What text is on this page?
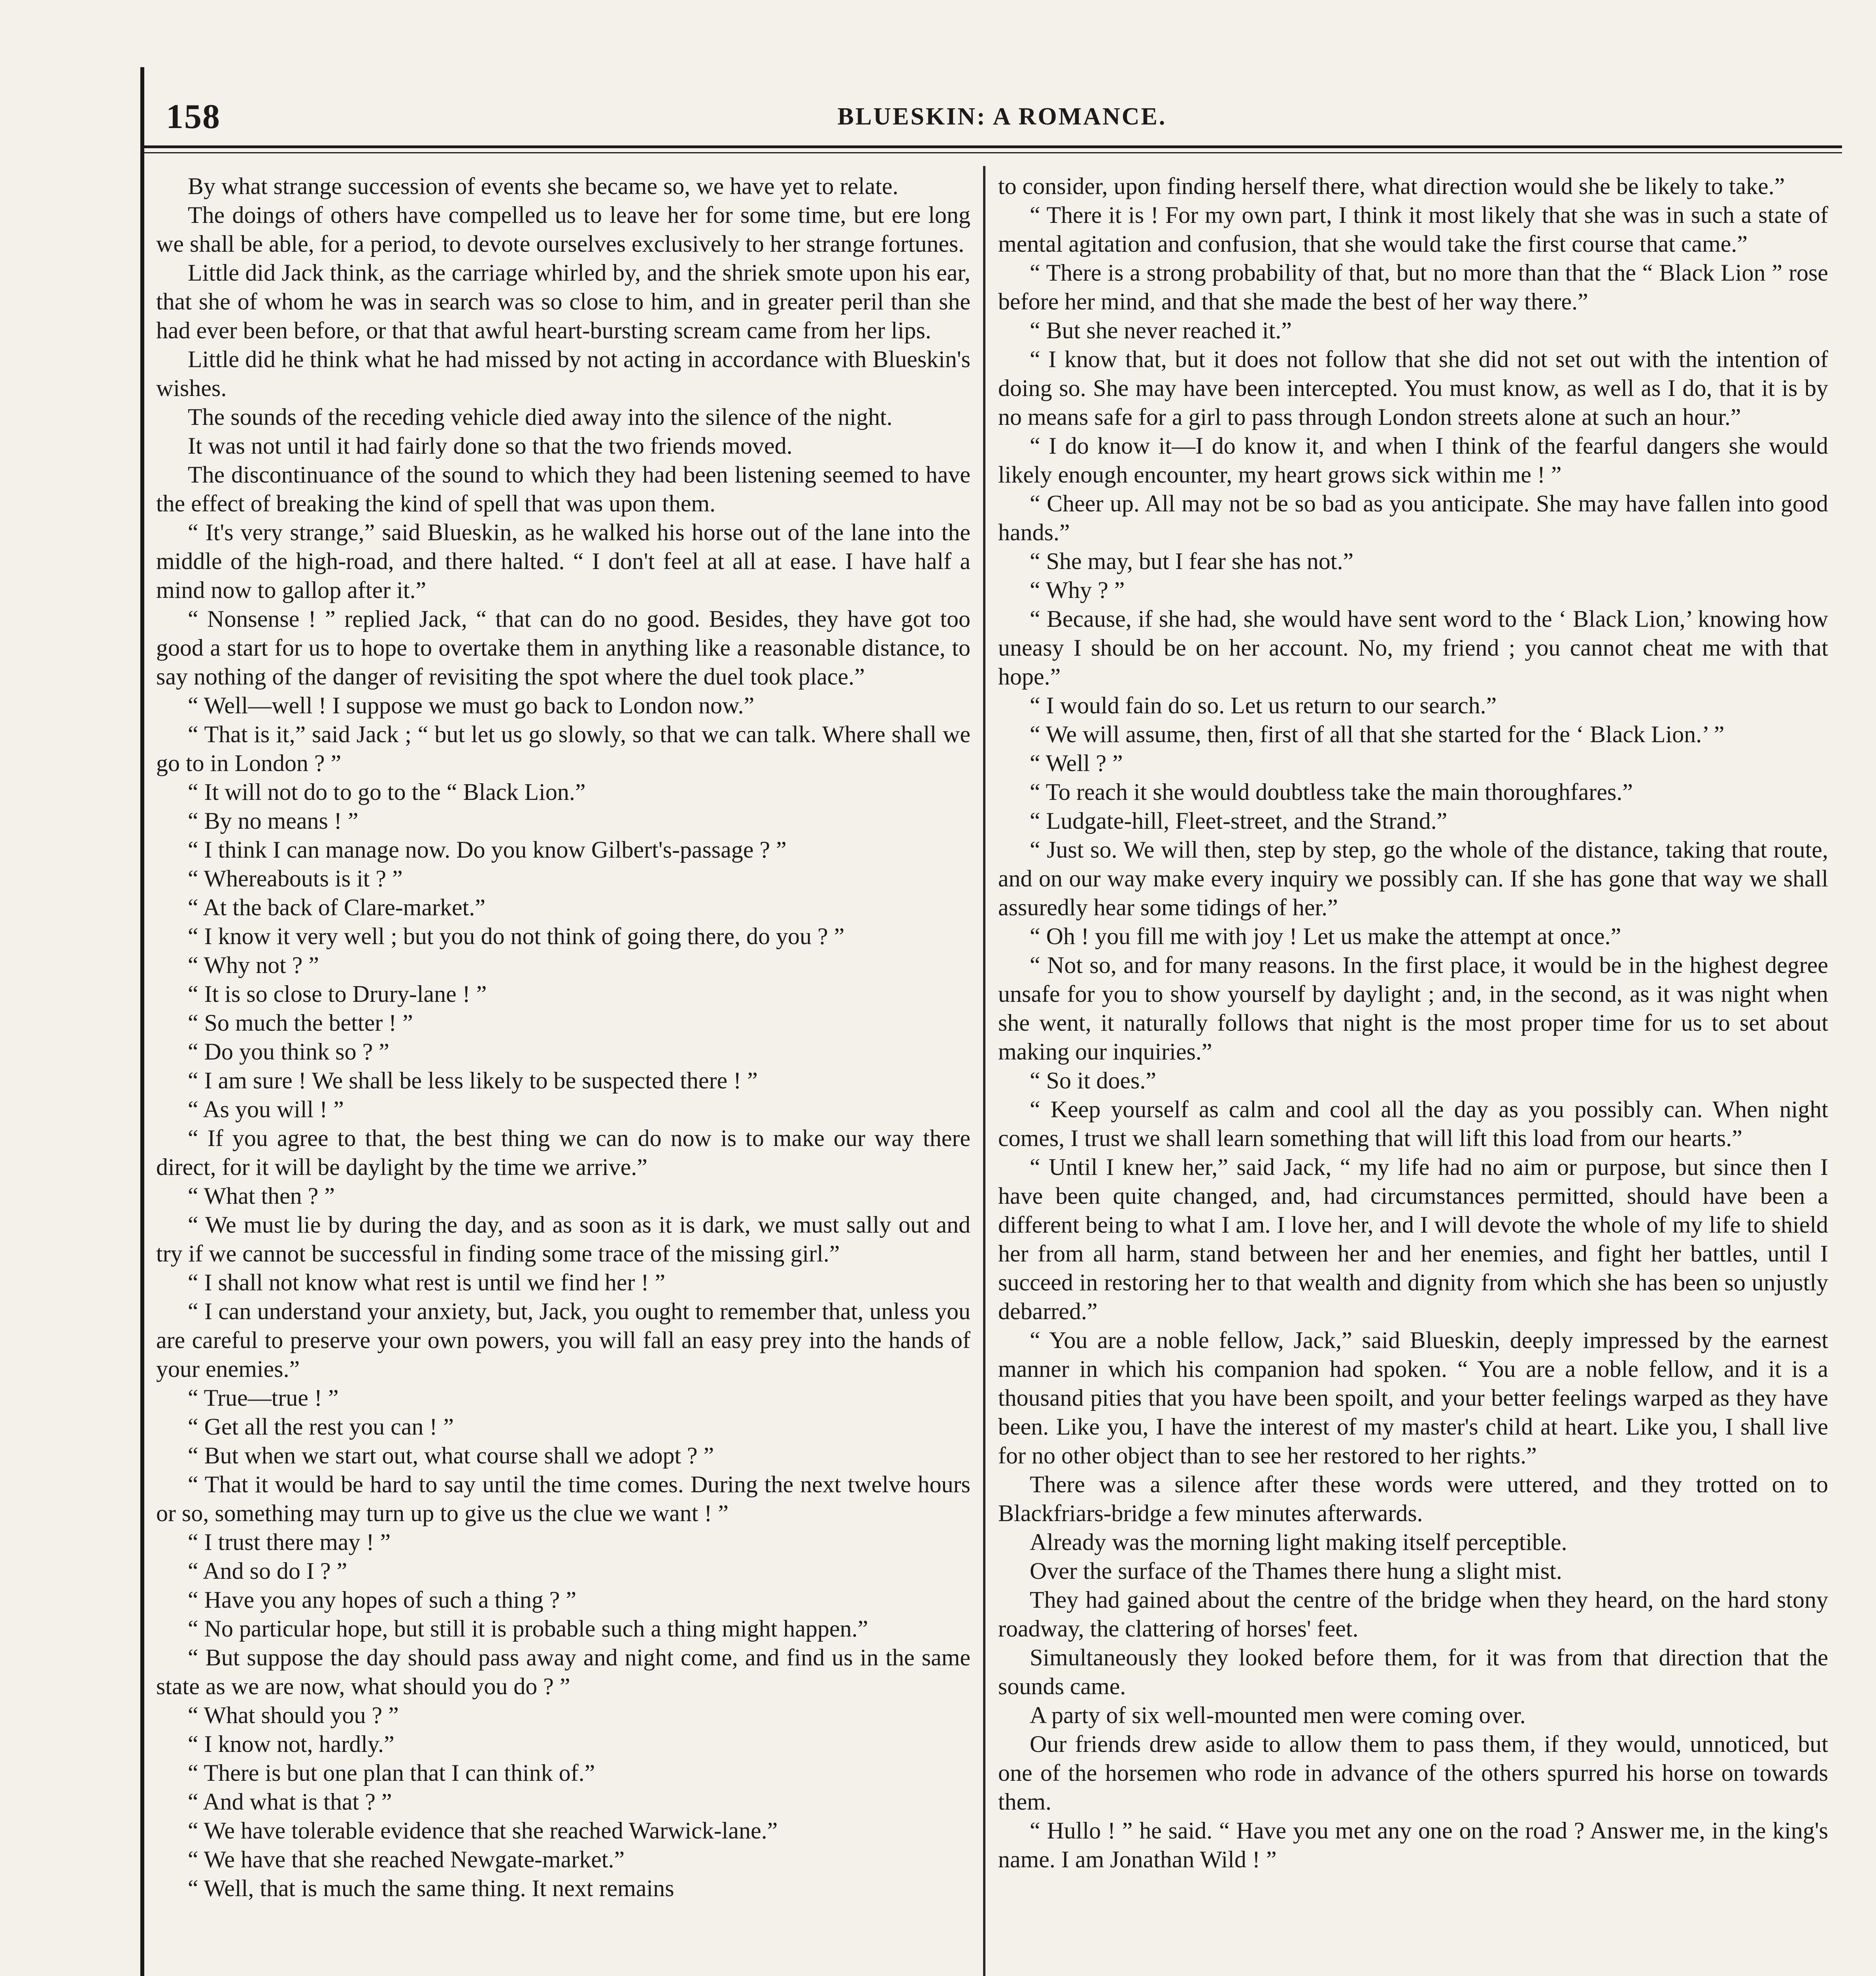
158	BLUESKIN: A ROMANCE.

By what strange succession of events she became so, we have yet to relate.

The doings of others have compelled us to leave her for some time, but ere long we shall be able, for a period, to devote ourselves exclusively to her strange fortunes.

Little did Jack think, as the carriage whirled by, and the shriek smote upon his ear, that she of whom he was in search was so close to him, and in greater peril than she had ever been before, or that that awful heart-bursting scream came from her lips.

Little did he think what he had missed by not acting in accordance with Blueskin's wishes.

The sounds of the receding vehicle died away into the silence of the night.

It was not until it had fairly done so that the two friends moved.

The discontinuance of the sound to which they had been listening seemed to have the effect of breaking the kind of spell that was upon them.

“ It's very strange,” said Blueskin, as he walked his horse out of the lane into the middle of the high-road, and there halted. “ I don't feel at all at ease. I have half a mind now to gallop after it.”

“ Nonsense ! ” replied Jack, “ that can do no good. Besides, they have got too good a start for us to hope to overtake them in anything like a reasonable distance, to say nothing of the danger of revisiting the spot where the duel took place.”

“ Well—well ! I suppose we must go back to London now.”

“ That is it,” said Jack ; “ but let us go slowly, so that we can talk. Where shall we go to in London ? ”

“ It will not do to go to the “ Black Lion.”

“ By no means ! ”

“ I think I can manage now. Do you know Gilbert's-passage ? ”

“ Whereabouts is it ? ”

“ At the back of Clare-market.”

“ I know it very well ; but you do not think of going there, do you ? ”

“ Why not ? ”

“ It is so close to Drury-lane ! ”

“ So much the better ! ”

“ Do you think so ? ”

“ I am sure ! We shall be less likely to be suspected there ! ”

“ As you will ! ”

“ If you agree to that, the best thing we can do now is to make our way there direct, for it will be daylight by the time we arrive.”

“ What then ? ”

“ We must lie by during the day, and as soon as it is dark, we must sally out and try if we cannot be successful in finding some trace of the missing girl.”

“ I shall not know what rest is until we find her ! ”

“ I can understand your anxiety, but, Jack, you ought to remember that, unless you are careful to preserve your own powers, you will fall an easy prey into the hands of your enemies.”

“ True—true ! ”

“ Get all the rest you can ! ”

“ But when we start out, what course shall we adopt ? ”

“ That it would be hard to say until the time comes. During the next twelve hours or so, something may turn up to give us the clue we want ! ”

“ I trust there may ! ”

“ And so do I ? ”

“ Have you any hopes of such a thing ? ”

“ No particular hope, but still it is probable such a thing might happen.”

“ But suppose the day should pass away and night come, and find us in the same state as we are now, what should you do ? ”

“ What should you ? ”

“ I know not, hardly.”

“ There is but one plan that I can think of.”

“ And what is that ? ”

“ We have tolerable evidence that she reached Warwick-lane.”

“ We have that she reached Newgate-market.”

“ Well, that is much the same thing. It next remains

to consider, upon finding herself there, what direction would she be likely to take.”

“ There it is ! For my own part, I think it most likely that she was in such a state of mental agitation and confusion, that she would take the first course that came.”

“ There is a strong probability of that, but no more than that the “ Black Lion ” rose before her mind, and that she made the best of her way there.”

“ But she never reached it.”

“ I know that, but it does not follow that she did not set out with the intention of doing so. She may have been intercepted. You must know, as well as I do, that it is by no means safe for a girl to pass through London streets alone at such an hour.”

“ I do know it—I do know it, and when I think of the fearful dangers she would likely enough encounter, my heart grows sick within me ! ”

“ Cheer up. All may not be so bad as you anticipate. She may have fallen into good hands.”

“ She may, but I fear she has not.”

“ Why ? ”

“ Because, if she had, she would have sent word to the ‘ Black Lion,’ knowing how uneasy I should be on her account. No, my friend ; you cannot cheat me with that hope.”

“ I would fain do so. Let us return to our search.”

“ We will assume, then, first of all that she started for the ‘ Black Lion.’ ”

“ Well ? ”

“ To reach it she would doubtless take the main thoroughfares.”

“ Ludgate-hill, Fleet-street, and the Strand.”

“ Just so. We will then, step by step, go the whole of the distance, taking that route, and on our way make every inquiry we possibly can. If she has gone that way we shall assuredly hear some tidings of her.”

“ Oh ! you fill me with joy ! Let us make the attempt at once.”

“ Not so, and for many reasons. In the first place, it would be in the highest degree unsafe for you to show yourself by daylight ; and, in the second, as it was night when she went, it naturally follows that night is the most proper time for us to set about making our inquiries.”

“ So it does.”

“ Keep yourself as calm and cool all the day as you possibly can. When night comes, I trust we shall learn something that will lift this load from our hearts.”

“ Until I knew her,” said Jack, “ my life had no aim or purpose, but since then I have been quite changed, and, had circumstances permitted, should have been a different being to what I am. I love her, and I will devote the whole of my life to shield her from all harm, stand between her and her enemies, and fight her battles, until I succeed in restoring her to that wealth and dignity from which she has been so unjustly debarred.”

“ You are a noble fellow, Jack,” said Blueskin, deeply impressed by the earnest manner in which his companion had spoken. “ You are a noble fellow, and it is a thousand pities that you have been spoilt, and your better feelings warped as they have been. Like you, I have the interest of my master's child at heart. Like you, I shall live for no other object than to see her restored to her rights.”

There was a silence after these words were uttered, and they trotted on to Blackfriars-bridge a few minutes afterwards.

Already was the morning light making itself perceptible.

Over the surface of the Thames there hung a slight mist.

They had gained about the centre of the bridge when they heard, on the hard stony roadway, the clattering of horses' feet.

Simultaneously they looked before them, for it was from that direction that the sounds came.

A party of six well-mounted men were coming over.

Our friends drew aside to allow them to pass them, if they would, unnoticed, but one of the horsemen who rode in advance of the others spurred his horse on towards them.

“ Hullo ! ” he said. “ Have you met any one on the road ? Answer me, in the king's name. I am Jonathan Wild ! ”
